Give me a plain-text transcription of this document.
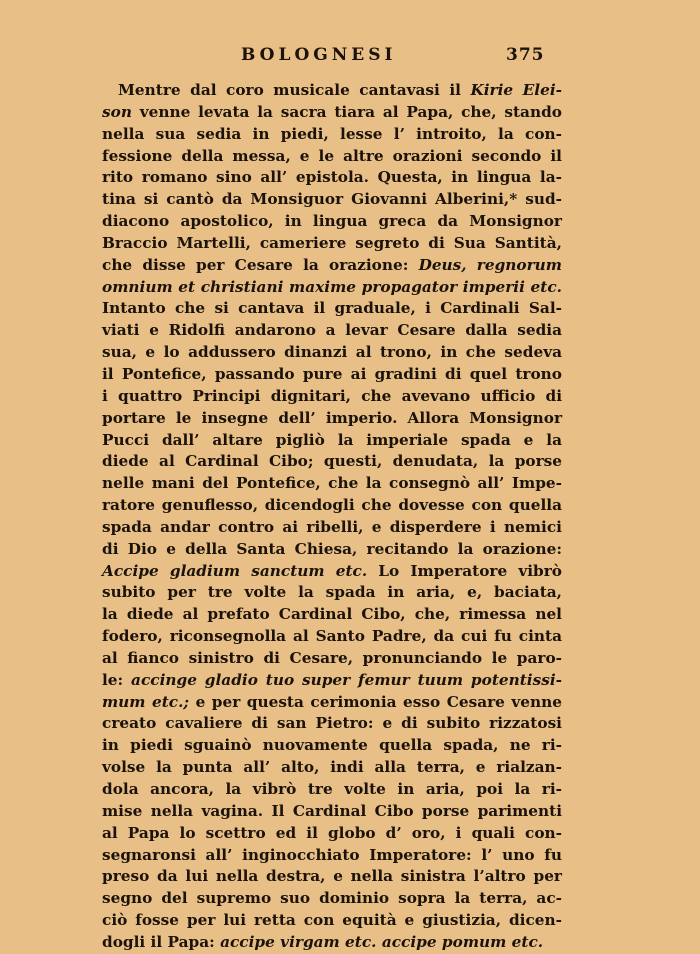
BOLOGNESI	375
Mentre dal coro musicale cantavasi il Kirie Elei-
son venne levata la sacra tiara al Papa, che, stando
nella sua sedia in piedi, lesse l’ introito, la con-
fessione della messa, e le altre orazioni secondo il
rito romano sino all’ epistola. Questa, in lingua la-
tina si cantò da Monsiguor Giovanni Alberini,* sud-
diacono apostolico, in lingua greca da Monsignor
Braccio Martelli, cameriere segreto di Sua Santità,
che disse per Cesare la orazione: Deus, regnorum
omnium et christiani maxime propagator imperii etc.
Intanto che si cantava il graduale, i Cardinali Sal-
viati e Ridolfi andarono a levar Cesare dalla sedia
sua, e lo addussero dinanzi al trono, in che sedeva
il Pontefice, passando pure ai gradini di quel trono
i quattro Principi dignitari, che avevano ufficio di
portare le insegne dell’ imperio. Allora Monsignor
Pucci dall’ altare pigliò la imperiale spada e la
diede al Cardinal Cibo; questi, denudata, la porse
nelle mani del Pontefice, che la consegnò all’ Impe-
ratore genuflesso, dicendogli che dovesse con quella
spada andar contro ai ribelli, e disperdere i nemici
di Dio e della Santa Chiesa, recitando la orazione:
Accipe gladium sanctum etc. Lo Imperatore vibrò
subito per tre volte la spada in aria, e, baciata,
la diede al prefato Cardinal Cibo, che, rimessa nel
fodero, riconsegnolla al Santo Padre, da cui fu cinta
al fianco sinistro di Cesare, pronunciando le paro-
le: accinge gladio tuo super femur tuum potentissi-
mum etc.; e per questa cerimonia esso Cesare venne
creato cavaliere di san Pietro: e di subito rizzatosi
in piedi sguainò nuovamente quella spada, ne ri-
volse la punta all’ alto, indi alla terra, e rialzan-
dola ancora, la vibrò tre volte in aria, poi la ri-
mise nella vagina. Il Cardinal Cibo porse parimenti
al Papa lo scettro ed il globo d’ oro, i quali con-
segnaronsi all’ inginocchiato Imperatore: l’ uno fu
preso da lui nella destra, e nella sinistra l’altro per
segno del supremo suo dominio sopra la terra, ac-
ciò fosse per lui retta con equità e giustizia, dicen-
dogli il Papa: accipe virgam etc. accipe pomum etc.
